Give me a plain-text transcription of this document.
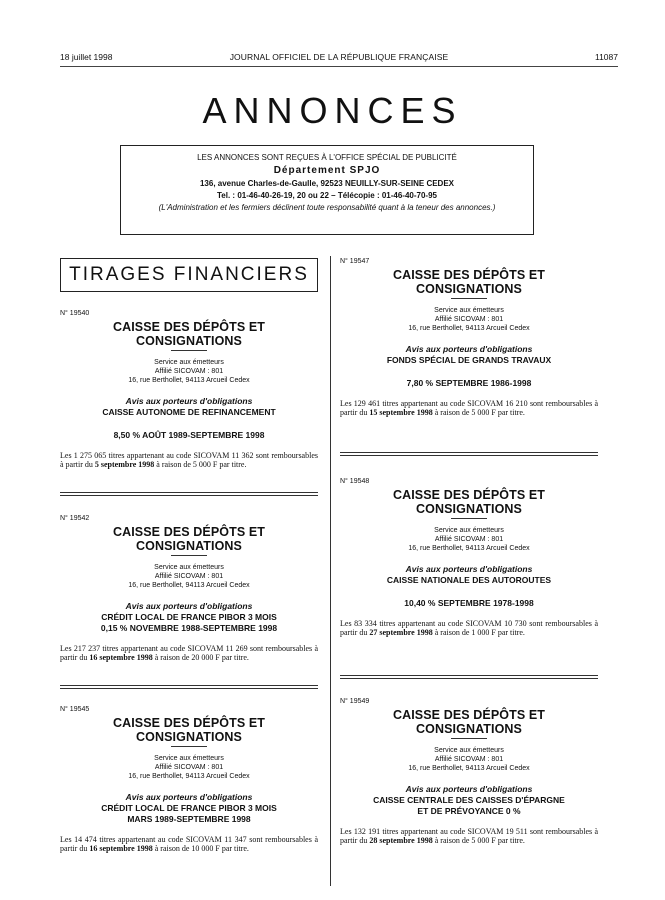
18 juillet 1998	JOURNAL OFFICIEL DE LA RÉPUBLIQUE FRANÇAISE	11087
ANNONCES
LES ANNONCES SONT REÇUES À L'OFFICE SPÉCIAL DE PUBLICITÉ
Département SPJO
136, avenue Charles-de-Gaulle, 92523 NEUILLY-SUR-SEINE CEDEX
Tel. : 01-46-40-26-19, 20 ou 22 – Télécopie : 01-46-40-70-95
(L'Administration et les fermiers déclinent toute responsabilité quant à la teneur des annonces.)
TIRAGES FINANCIERS
N° 19540
CAISSE DES DÉPÔTS ET CONSIGNATIONS
Service aux émetteurs
Affilié SICOVAM : 801
16, rue Berthollet, 94113 Arcueil Cedex
Avis aux porteurs d'obligations
CAISSE AUTONOME DE REFINANCEMENT
8,50 % AOÛT 1989-SEPTEMBRE 1998
Les 1 275 065 titres appartenant au code SICOVAM 11 362 sont remboursables à partir du 5 septembre 1998 à raison de 5 000 F par titre.
N° 19542
CAISSE DES DÉPÔTS ET CONSIGNATIONS
Service aux émetteurs
Affilié SICOVAM : 801
16, rue Berthollet, 94113 Arcueil Cedex
Avis aux porteurs d'obligations
CRÉDIT LOCAL DE FRANCE PIBOR 3 MOIS
0,15 % NOVEMBRE 1988-SEPTEMBRE 1998
Les 217 237 titres appartenant au code SICOVAM 11 269 sont remboursables à partir du 16 septembre 1998 à raison de 20 000 F par titre.
N° 19545
CAISSE DES DÉPÔTS ET CONSIGNATIONS
Service aux émetteurs
Affilié SICOVAM : 801
16, rue Berthollet, 94113 Arcueil Cedex
Avis aux porteurs d'obligations
CRÉDIT LOCAL DE FRANCE PIBOR 3 MOIS
MARS 1989-SEPTEMBRE 1998
Les 14 474 titres appartenant au code SICOVAM 11 347 sont remboursables à partir du 16 septembre 1998 à raison de 10 000 F par titre.
N° 19547
CAISSE DES DÉPÔTS ET CONSIGNATIONS
Service aux émetteurs
Affilié SICOVAM : 801
16, rue Berthollet, 94113 Arcueil Cedex
Avis aux porteurs d'obligations
FONDS SPÉCIAL DE GRANDS TRAVAUX
7,80 % SEPTEMBRE 1986-1998
Les 129 461 titres appartenant au code SICOVAM 16 210 sont remboursables à partir du 15 septembre 1998 à raison de 5 000 F par titre.
N° 19548
CAISSE DES DÉPÔTS ET CONSIGNATIONS
Service aux émetteurs
Affilié SICOVAM : 801
16, rue Berthollet, 94113 Arcueil Cedex
Avis aux porteurs d'obligations
CAISSE NATIONALE DES AUTOROUTES
10,40 % SEPTEMBRE 1978-1998
Les 83 334 titres appartenant au code SICOVAM 10 730 sont remboursables à partir du 27 septembre 1998 à raison de 1 000 F par titre.
N° 19549
CAISSE DES DÉPÔTS ET CONSIGNATIONS
Service aux émetteurs
Affilié SICOVAM : 801
16, rue Berthollet, 94113 Arcueil Cedex
Avis aux porteurs d'obligations
CAISSE CENTRALE DES CAISSES D'ÉPARGNE
ET DE PRÉVOYANCE 0 %
Les 132 191 titres appartenant au code SICOVAM 19 511 sont remboursables à partir du 28 septembre 1998 à raison de 5 000 F par titre.
